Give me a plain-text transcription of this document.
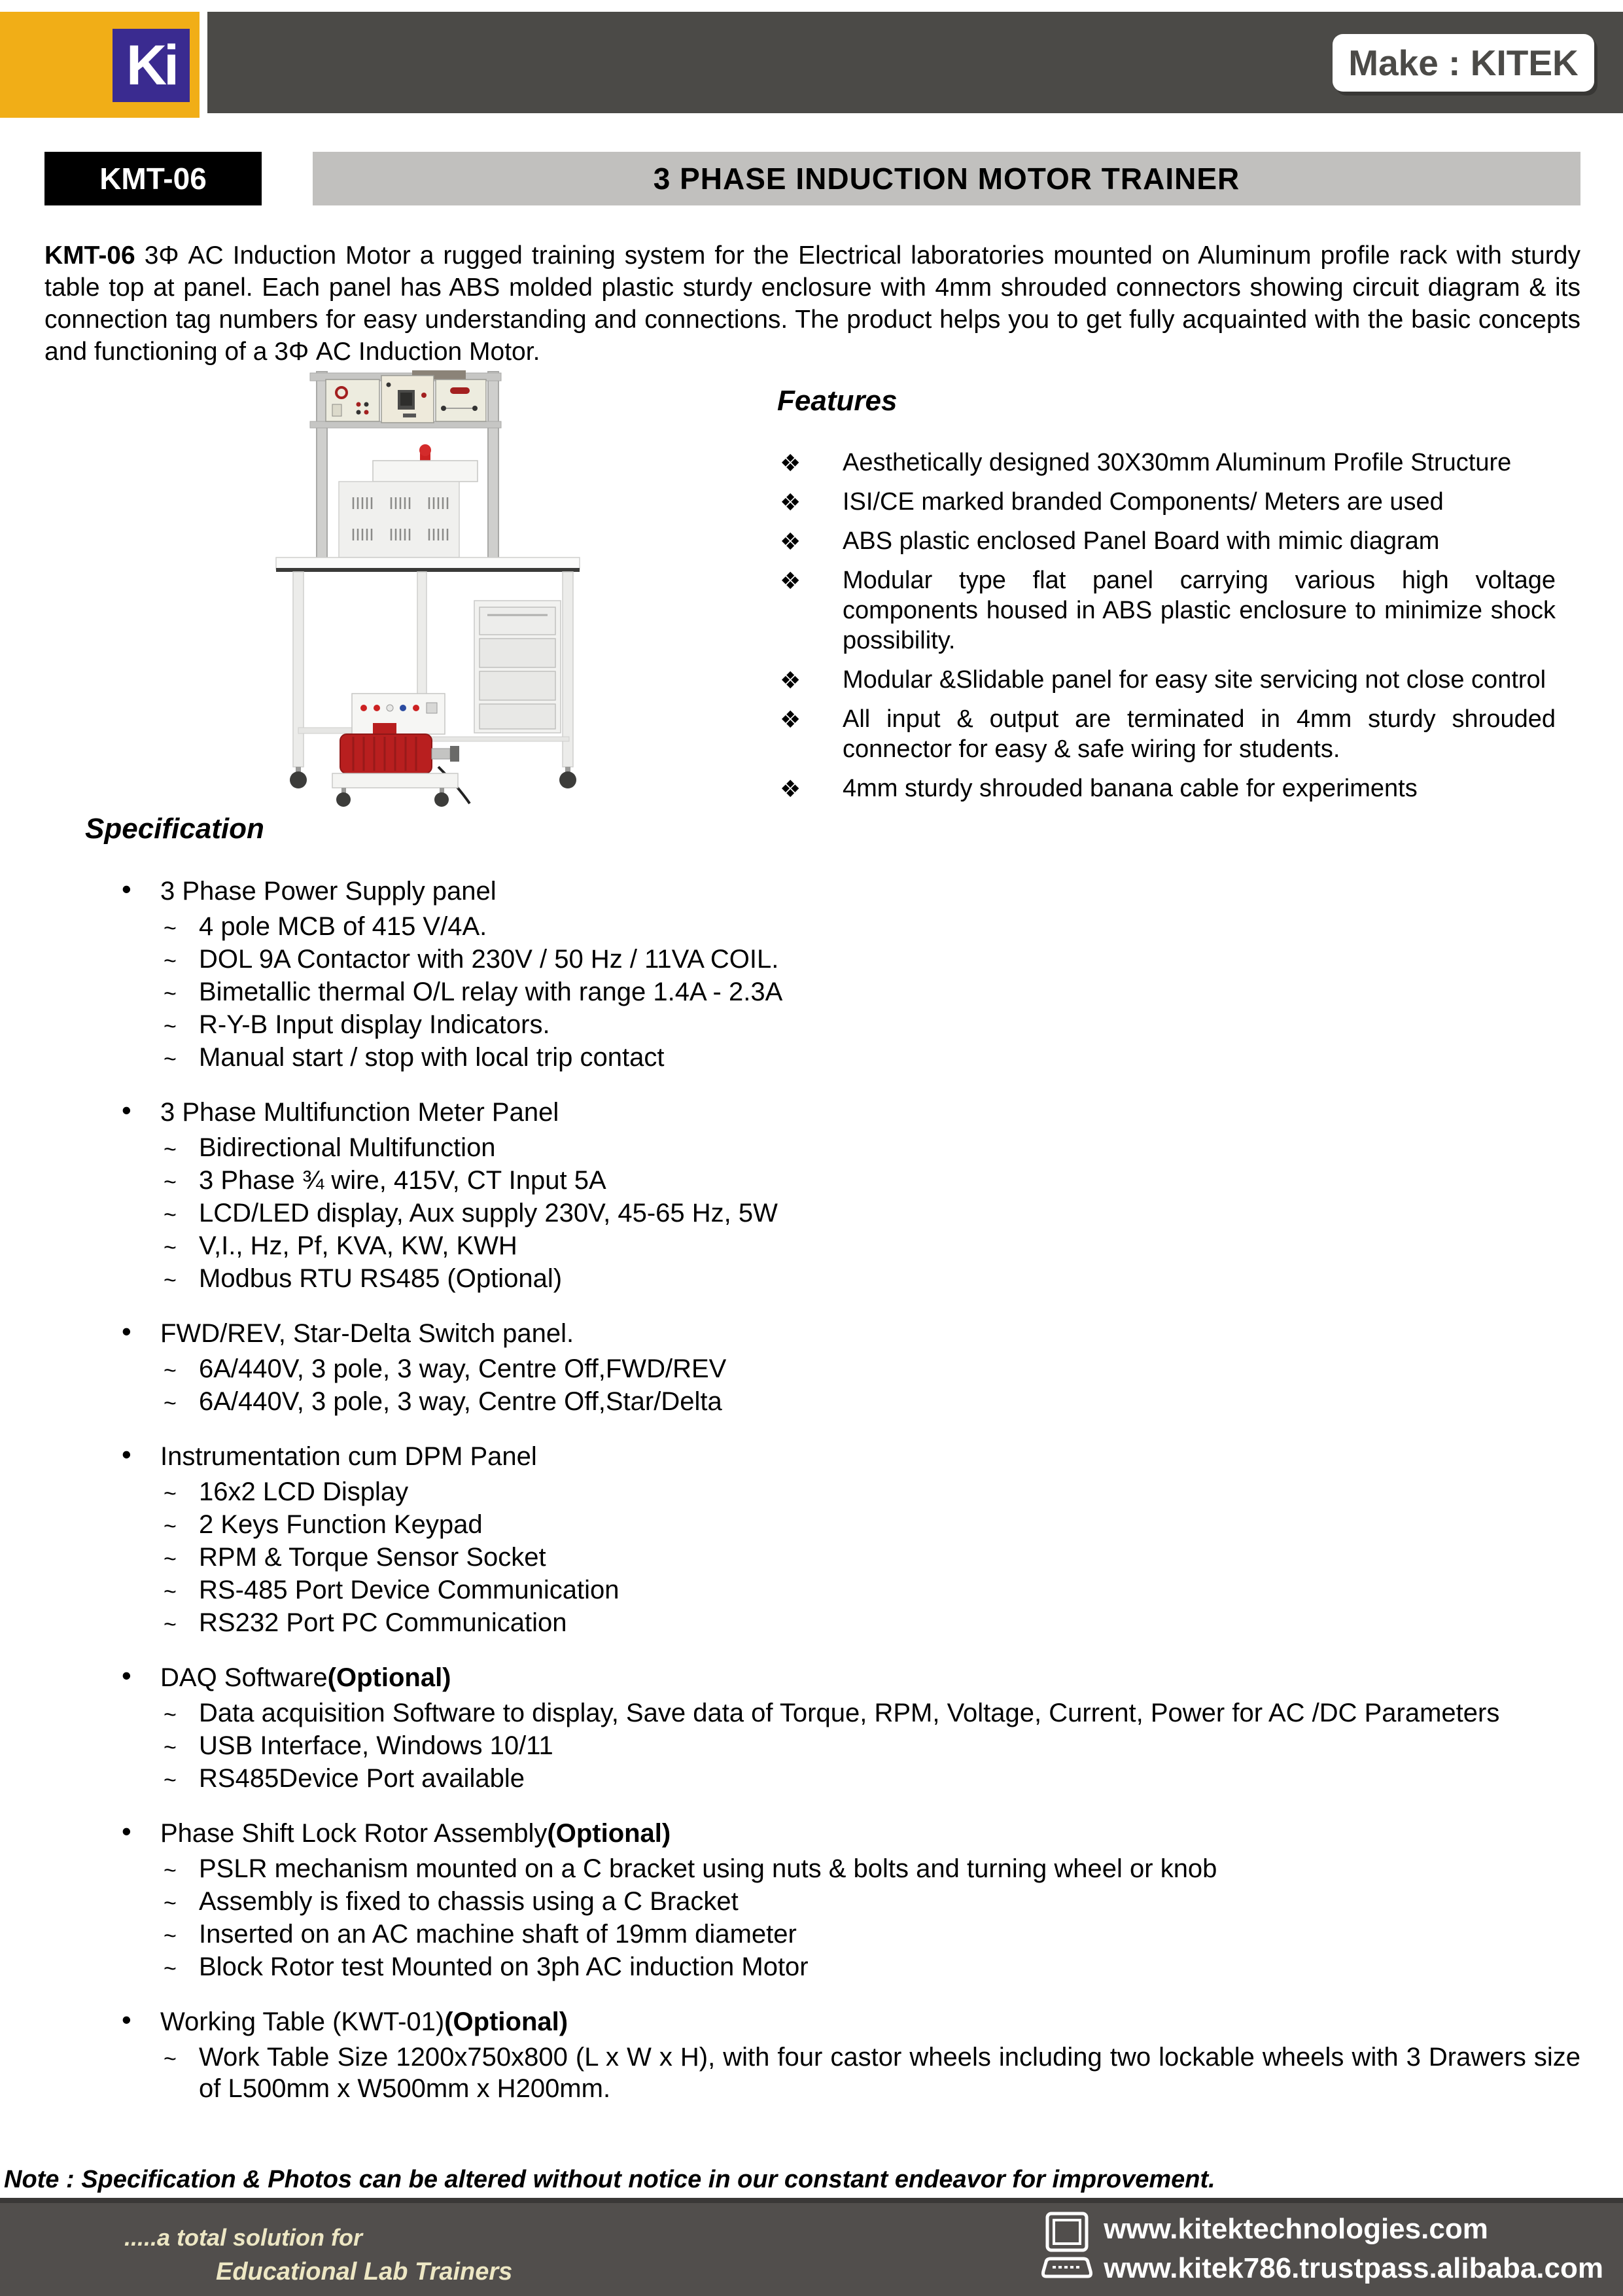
Ki	Make : KITEK
KMT-06	3 PHASE INDUCTION MOTOR TRAINER

KMT-06 3Φ AC Induction Motor a rugged training system for the Electrical laboratories mounted on Aluminum profile rack with sturdy table top at panel. Each panel has ABS molded plastic sturdy enclosure with 4mm shrouded connectors showing circuit diagram & its connection tag numbers for easy understanding and connections. The product helps you to get fully acquainted with the basic concepts and functioning of a 3Φ AC Induction Motor.

Features
❖ Aesthetically designed 30X30mm Aluminum Profile Structure
❖ ISI/CE marked branded Components/ Meters are used
❖ ABS plastic enclosed Panel Board with mimic diagram
❖ Modular type flat panel carrying various high voltage components housed in ABS plastic enclosure to minimize shock possibility.
❖ Modular &Slidable panel for easy site servicing not close control
❖ All input & output are terminated in 4mm sturdy shrouded connector for easy & safe wiring for students.
❖ 4mm sturdy shrouded banana cable for experiments
Specification
• 3 Phase Power Supply panel
~ 4 pole MCB of 415 V/4A.
~ DOL 9A Contactor with 230V / 50 Hz / 11VA COIL.
~ Bimetallic thermal O/L relay with range 1.4A - 2.3A
~ R-Y-B Input display Indicators.
~ Manual start / stop with local trip contact
• 3 Phase Multifunction Meter Panel
~ Bidirectional Multifunction
~ 3 Phase ¾ wire, 415V, CT Input 5A
~ LCD/LED display, Aux supply 230V, 45-65 Hz, 5W
~ V,I., Hz, Pf, KVA, KW, KWH
~ Modbus RTU RS485 (Optional)
• FWD/REV, Star-Delta Switch panel.
~ 6A/440V, 3 pole, 3 way, Centre Off,FWD/REV
~ 6A/440V, 3 pole, 3 way, Centre Off,Star/Delta
• Instrumentation cum DPM Panel
~ 16x2 LCD Display
~ 2 Keys Function Keypad
~ RPM & Torque Sensor Socket
~ RS-485 Port Device Communication
~ RS232 Port PC Communication
• DAQ Software(Optional)
~ Data acquisition Software to display, Save data of Torque, RPM, Voltage, Current, Power for AC /DC Parameters
~ USB Interface, Windows 10/11
~ RS485Device Port available
• Phase Shift Lock Rotor Assembly(Optional)
~ PSLR mechanism mounted on a C bracket using nuts & bolts and turning wheel or knob
~ Assembly is fixed to chassis using a C Bracket
~ Inserted on an AC machine shaft of 19mm diameter
~ Block Rotor test Mounted on 3ph AC induction Motor
• Working Table (KWT-01)(Optional)
~ Work Table Size 1200x750x800 (L x W x H), with four castor wheels including two lockable wheels with 3 Drawers size of L500mm x W500mm x H200mm.

Note : Specification & Photos can be altered without notice in our constant endeavor for improvement.

.....a total solution for
Educational Lab Trainers
www.kitektechnologies.com
www.kitek786.trustpass.alibaba.com
